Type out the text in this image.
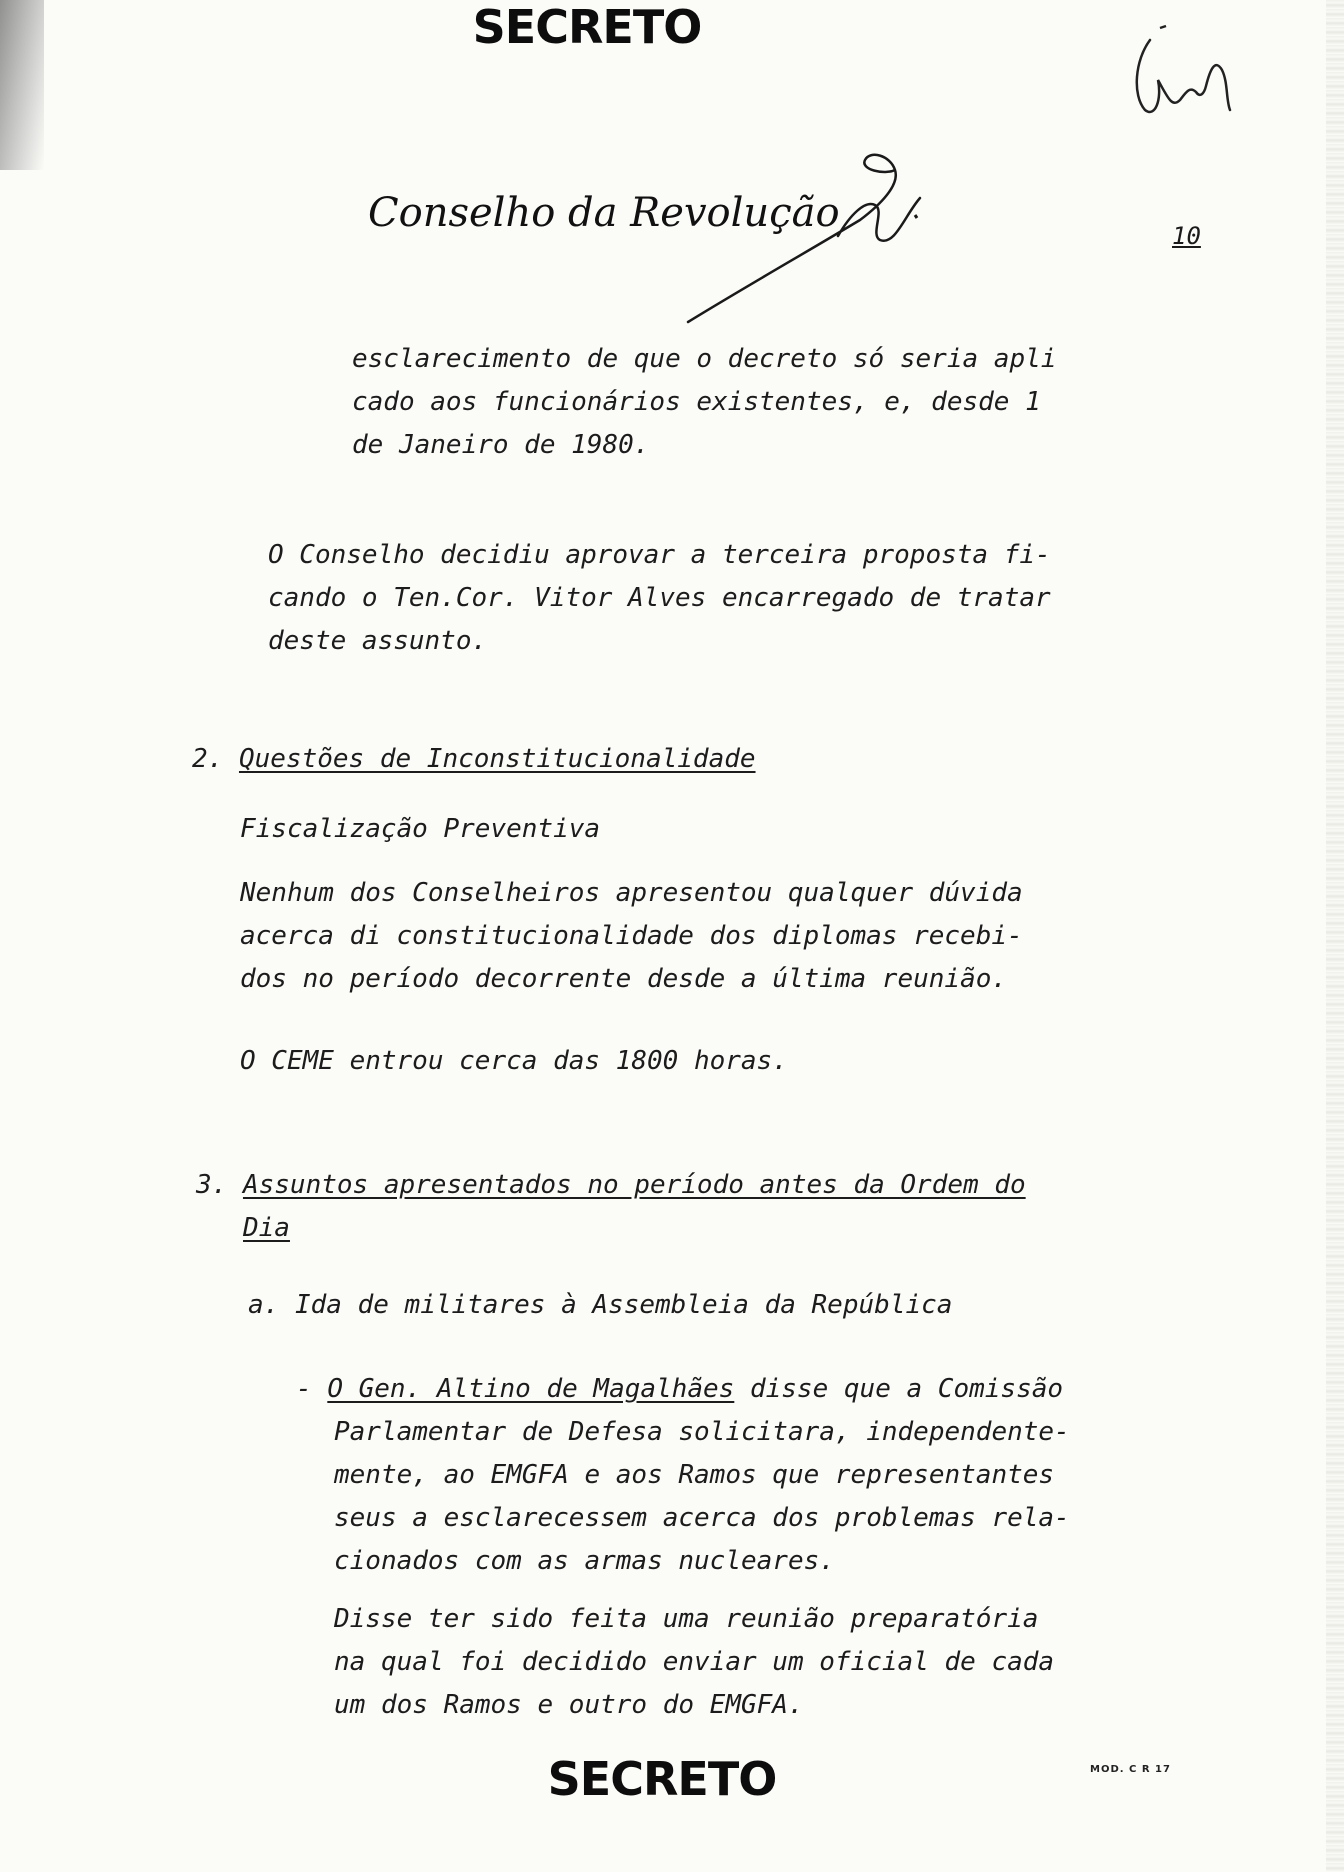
SECRETO
Conselho da Revolução	10
esclarecimento de que o decreto só seria apli
cado aos funcionários existentes, e, desde 1
de Janeiro de 1980.
O Conselho decidiu aprovar a terceira proposta fi-
cando o Ten.Cor. Vitor Alves encarregado de tratar
deste assunto.
2. Questões de Inconstitucionalidade
Fiscalização Preventiva
Nenhum dos Conselheiros apresentou qualquer dúvida
acerca di constitucionalidade dos diplomas recebi-
dos no período decorrente desde a última reunião.
O CEME entrou cerca das 1800 horas.
3. Assuntos apresentados no período antes da Ordem do
Dia
a. Ida de militares à Assembleia da República
- O Gen. Altino de Magalhães disse que a Comissão
Parlamentar de Defesa solicitara, independente-
mente, ao EMGFA e aos Ramos que representantes
seus a esclarecessem acerca dos problemas rela-
cionados com as armas nucleares.
Disse ter sido feita uma reunião preparatória
na qual foi decidido enviar um oficial de cada
um dos Ramos e outro do EMGFA.
SECRETO	MOD. C R 17
